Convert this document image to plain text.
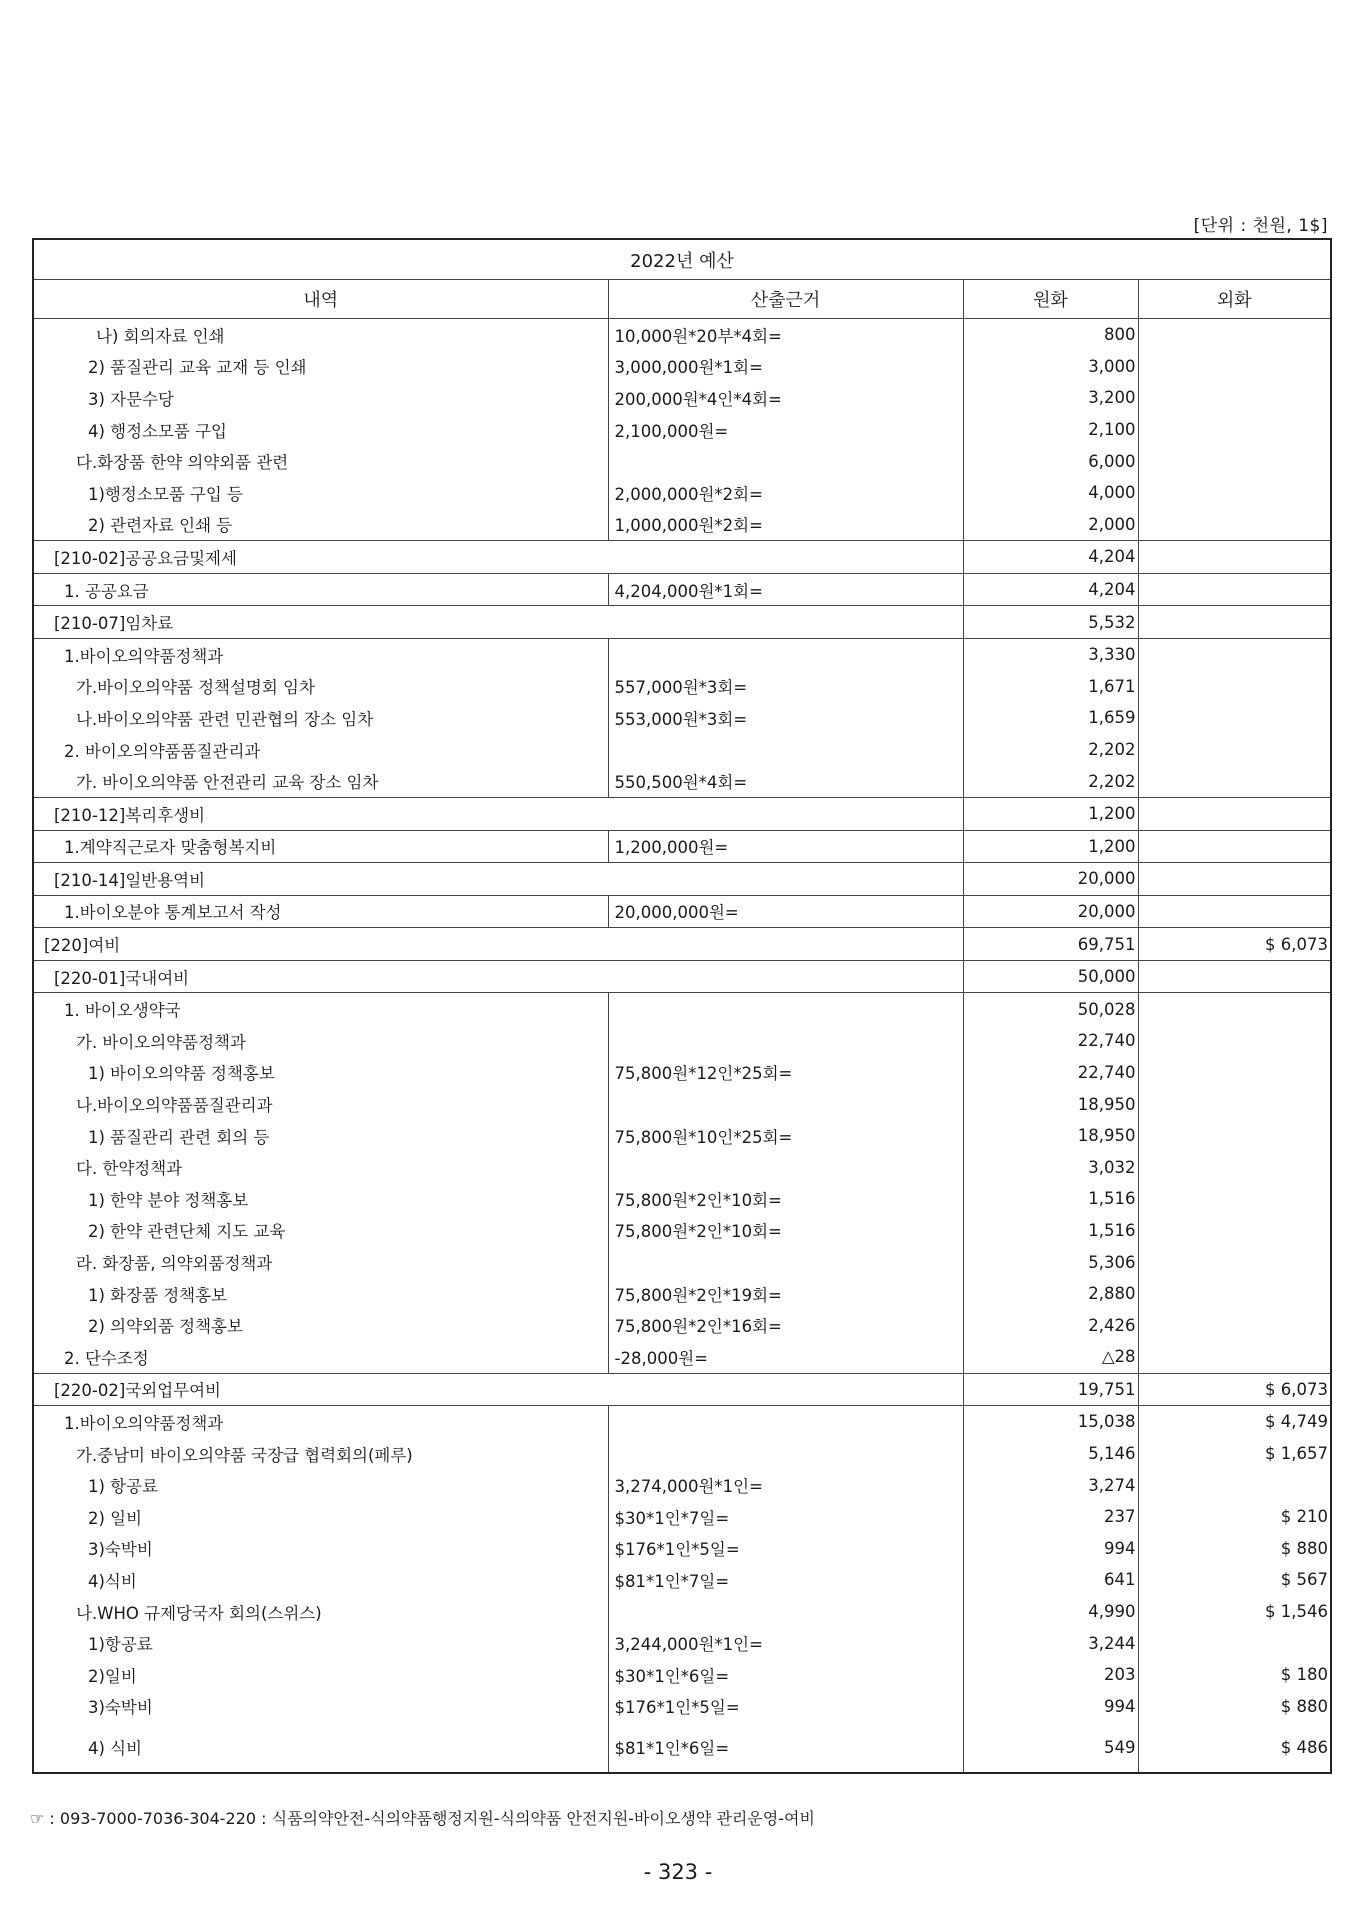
[단위 : 천원, 1$]
2022년 예산			
내역	산출근거	원화	외화
나) 회의자료 인쇄	10,000원*20부*4회=	800	
2) 품질관리 교육 교재 등 인쇄	3,000,000원*1회=	3,000	
3) 자문수당	200,000원*4인*4회=	3,200	
4) 행정소모품 구입	2,100,000원=	2,100	
다.화장품 한약 의약외품 관련		6,000	
1)행정소모품 구입 등	2,000,000원*2회=	4,000	
2) 관련자료 인쇄 등	1,000,000원*2회=	2,000	
[210-02]공공요금및제세		4,204	
1. 공공요금	4,204,000원*1회=	4,204	
[210-07]임차료		5,532	
1.바이오의약품정책과		3,330	
가.바이오의약품 정책설명회 임차	557,000원*3회=	1,671	
나.바이오의약품 관련 민관협의 장소 임차	553,000원*3회=	1,659	
2. 바이오의약품품질관리과		2,202	
가. 바이오의약품 안전관리 교육 장소 임차	550,500원*4회=	2,202	
[210-12]복리후생비		1,200	
1.계약직근로자 맞춤형복지비	1,200,000원=	1,200	
[210-14]일반용역비		20,000	
1.바이오분야 통계보고서 작성	20,000,000원=	20,000	
[220]여비		69,751	$ 6,073
[220-01]국내여비		50,000	
1. 바이오생약국		50,028	
가. 바이오의약품정책과		22,740	
1) 바이오의약품 정책홍보	75,800원*12인*25회=	22,740	
나.바이오의약품품질관리과		18,950	
1) 품질관리 관련 회의 등	75,800원*10인*25회=	18,950	
다. 한약정책과		3,032	
1) 한약 분야 정책홍보	75,800원*2인*10회=	1,516	
2) 한약 관련단체 지도 교육	75,800원*2인*10회=	1,516	
라. 화장품, 의약외품정책과		5,306	
1) 화장품 정책홍보	75,800원*2인*19회=	2,880	
2) 의약외품 정책홍보	75,800원*2인*16회=	2,426	
2. 단수조정	-28,000원=	△28	
[220-02]국외업무여비		19,751	$ 6,073
1.바이오의약품정책과		15,038	$ 4,749
가.중남미 바이오의약품 국장급 협력회의(페루)		5,146	$ 1,657
1) 항공료	3,274,000원*1인=	3,274	
2) 일비	$30*1인*7일=	237	$ 210
3)숙박비	$176*1인*5일=	994	$ 880
4)식비	$81*1인*7일=	641	$ 567
나.WHO 규제당국자 회의(스위스)		4,990	$ 1,546
1)항공료	3,244,000원*1인=	3,244	
2)일비	$30*1인*6일=	203	$ 180
3)숙박비	$176*1인*5일=	994	$ 880
4) 식비	$81*1인*6일=	549	$ 486
☞ : 093-7000-7036-304-220 : 식품의약안전-식의약품행정지원-식의약품 안전지원-바이오생약 관리운영-여비
- 323 -
